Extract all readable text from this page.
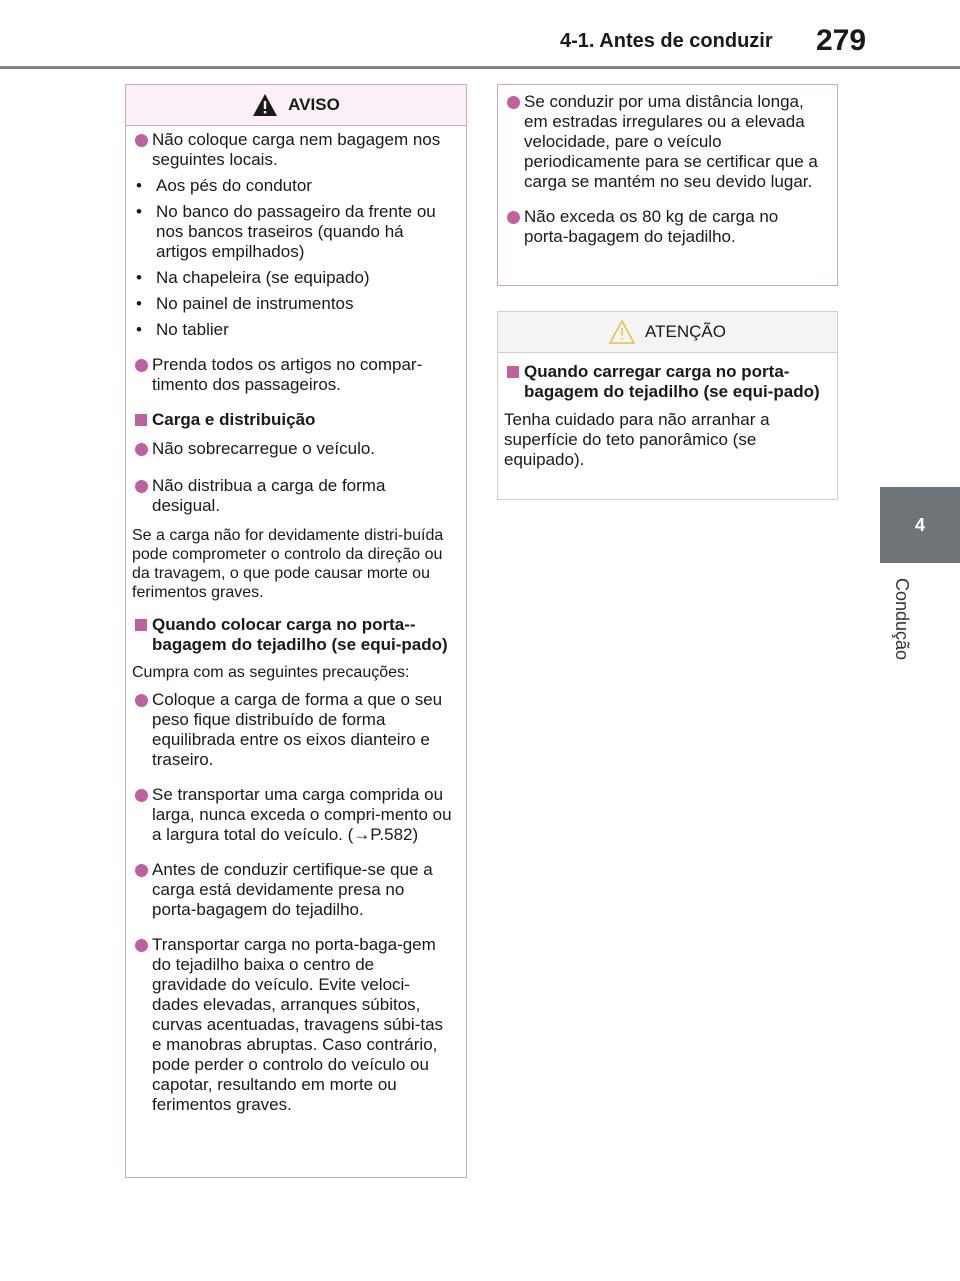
4-1. Antes de conduzir 279
4
Condução
AVISO
Não coloque carga nem bagagem nos seguintes locais.
• Aos pés do condutor
• No banco do passageiro da frente ou nos bancos traseiros (quando há artigos empilhados)
• Na chapeleira (se equipado)
• No painel de instrumentos
• No tablier
Prenda todos os artigos no compar-timento dos passageiros.
Carga e distribuição
Não sobrecarregue o veículo.
Não distribua a carga de forma desigual.
Se a carga não for devidamente distri-buída pode comprometer o controlo da direção ou da travagem, o que pode causar morte ou ferimentos graves.
Quando colocar carga no porta--bagagem do tejadilho (se equi-pado)
Cumpra com as seguintes precauções:
Coloque a carga de forma a que o seu peso fique distribuído de forma equilibrada entre os eixos dianteiro e traseiro.
Se transportar uma carga comprida ou larga, nunca exceda o compri-mento ou a largura total do veículo. (→P.582)
Antes de conduzir certifique-se que a carga está devidamente presa no porta-bagagem do tejadilho.
Transportar carga no porta-baga-gem do tejadilho baixa o centro de gravidade do veículo. Evite veloci-dades elevadas, arranques súbitos, curvas acentuadas, travagens súbi-tas e manobras abruptas. Caso contrário, pode perder o controlo do veículo ou capotar, resultando em morte ou ferimentos graves.
Se conduzir por uma distância longa, em estradas irregulares ou a elevada velocidade, pare o veículo periodicamente para se certificar que a carga se mantém no seu devido lugar.
Não exceda os 80 kg de carga no porta-bagagem do tejadilho.
ATENÇÃO
Quando carregar carga no porta-bagagem do tejadilho (se equi-pado)
Tenha cuidado para não arranhar a superfície do teto panorâmico (se equipado).
